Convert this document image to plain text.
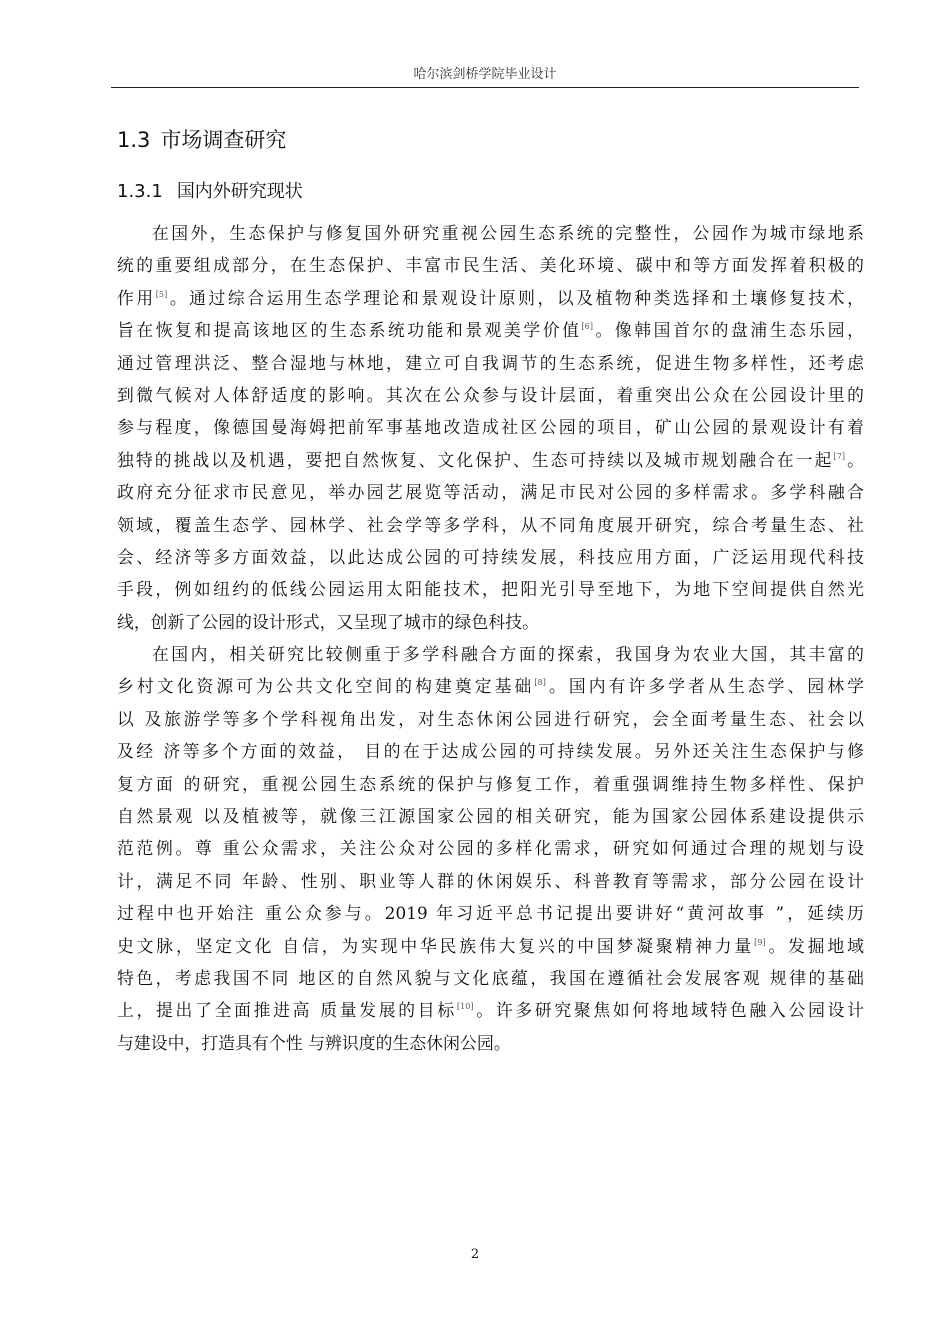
哈尔滨剑桥学院毕业设计
1.3 市场调查研究
1.3.1 国内外研究现状
在国外，生态保护与修复国外研究重视公园生态系统的完整性，公园作为城市绿地系
统的重要组成部分，在生态保护、丰富市民生活、美化环境、碳中和等方面发挥着积极的
作用[5]。通过综合运用生态学理论和景观设计原则，以及植物种类选择和土壤修复技术，
旨在恢复和提高该地区的生态系统功能和景观美学价值[6]。像韩国首尔的盘浦生态乐园，
通过管理洪泛、整合湿地与林地，建立可自我调节的生态系统，促进生物多样性，还考虑
到微气候对人体舒适度的影响。其次在公众参与设计层面，着重突出公众在公园设计里的
参与程度，像德国曼海姆把前军事基地改造成社区公园的项目，矿山公园的景观设计有着
独特的挑战以及机遇，要把自然恢复、文化保护、生态可持续以及城市规划融合在一起[7]。
政府充分征求市民意见，举办园艺展览等活动，满足市民对公园的多样需求。多学科融合
领域，覆盖生态学、园林学、社会学等多学科，从不同角度展开研究，综合考量生态、社
会、经济等多方面效益，以此达成公园的可持续发展，科技应用方面，广泛运用现代科技
手段，例如纽约的低线公园运用太阳能技术，把阳光引导至地下，为地下空间提供自然光
线，创新了公园的设计形式，又呈现了城市的绿色科技。
在国内，相关研究比较侧重于多学科融合方面的探索，我国身为农业大国，其丰富的
乡村文化资源可为公共文化空间的构建奠定基础[8]。国内有许多学者从生态学、园林学
以 及旅游学等多个学科视角出发，对生态休闲公园进行研究，会全面考量生态、社会以
及经 济等多个方面的效益， 目的在于达成公园的可持续发展。另外还关注生态保护与修
复方面 的研究，重视公园生态系统的保护与修复工作，着重强调维持生物多样性、保护
自然景观 以及植被等，就像三江源国家公园的相关研究，能为国家公园体系建设提供示
范范例。尊 重公众需求，关注公众对公园的多样化需求，研究如何通过合理的规划与设
计，满足不同 年龄、性别、职业等人群的休闲娱乐、科普教育等需求，部分公园在设计
过程中也开始注 重公众参与。2019 年习近平总书记提出要讲好“黄河故事 ”，延续历
史文脉，坚定文化 自信，为实现中华民族伟大复兴的中国梦凝聚精神力量[9]。发掘地域
特色，考虑我国不同 地区的自然风貌与文化底蕴，我国在遵循社会发展客观 规律的基础
上，提出了全面推进高 质量发展的目标[10]。许多研究聚焦如何将地域特色融入公园设计
与建设中，打造具有个性 与辨识度的生态休闲公园。
2
